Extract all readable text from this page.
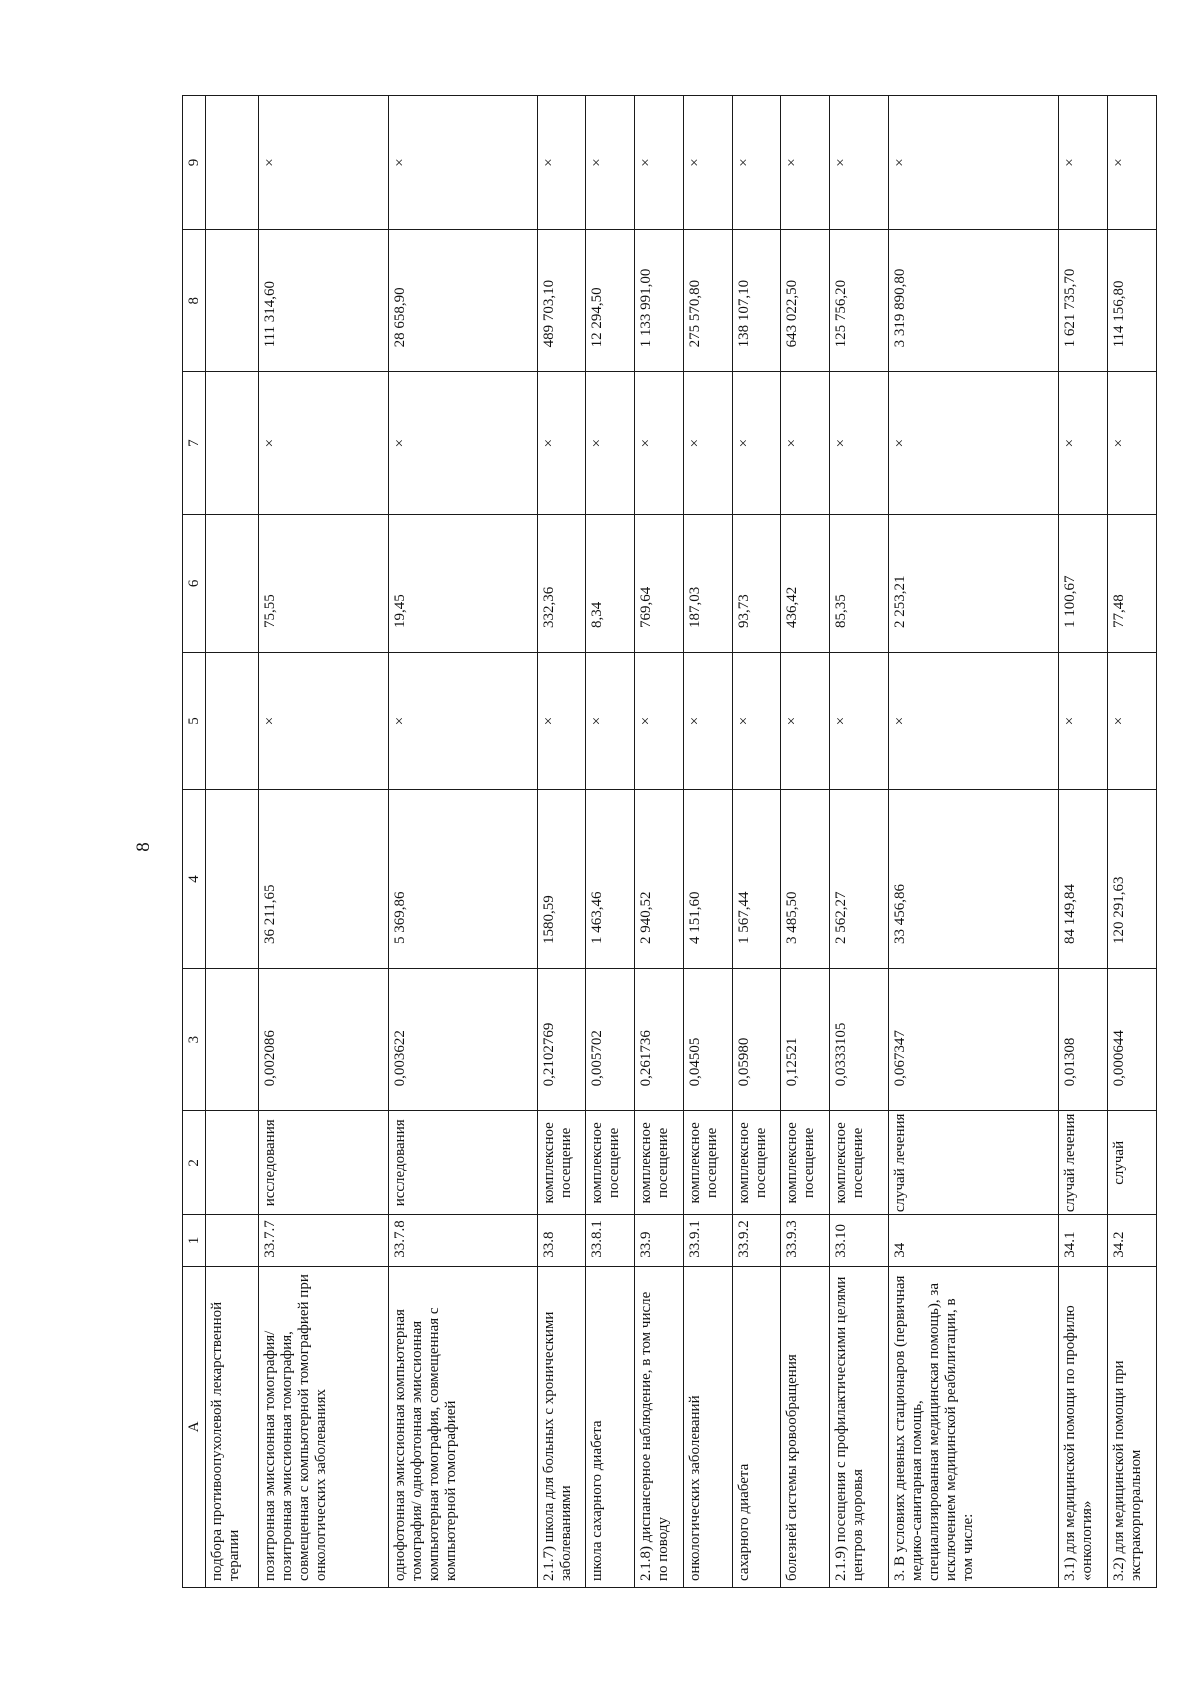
8
А	1	2	3	4	5	6	7	8	9
подбора противоопухолевой лекарственной терапии									
позитронная эмиссионная томография/позитронная эмиссионная томография, совмещенная с компьютерной томографией при онкологических заболеваниях	33.7.7	исследования	0,002086	36 211,65	×	75,55	×	111 314,60	×
однофотонная эмиссионная компьютерная томография/ однофотонная эмиссионная компьютерная томография, совмещенная с компьютерной томографией	33.7.8	исследования	0,003622	5 369,86	×	19,45	×	28 658,90	×
2.1.7) школа для больных с хроническими заболеваниями	33.8	комплексное посещение	0,2102769	1580,59	×	332,36	×	489 703,10	×
школа сахарного диабета	33.8.1	комплексное посещение	0,005702	1 463,46	×	8,34	×	12 294,50	×
2.1.8) диспансерное наблюдение, в том числе по поводу	33.9	комплексное посещение	0,261736	2 940,52	×	769,64	×	1 133 991,00	×
онкологических заболеваний	33.9.1	комплексное посещение	0,04505	4 151,60	×	187,03	×	275 570,80	×
сахарного диабета	33.9.2	комплексное посещение	0,05980	1 567,44	×	93,73	×	138 107,10	×
болезней системы кровообращения	33.9.3	комплексное посещение	0,12521	3 485,50	×	436,42	×	643 022,50	×
2.1.9) посещения с профилактическими целями центров здоровья	33.10	комплексное посещение	0,0333105	2 562,27	×	85,35	×	125 756,20	×
3. В условиях дневных стационаров (первичная медико-санитарная помощь, специализированная медицинская помощь), за исключением медицинской реабилитации, в том числе:	34	случай лечения	0,067347	33 456,86	×	2 253,21	×	3 319 890,80	×
3.1) для медицинской помощи по профилю «онкология»	34.1	случай лечения	0,01308	84 149,84	×	1 100,67	×	1 621 735,70	×
3.2) для медицинской помощи при экстракорпоральном	34.2	случай	0,000644	120 291,63	×	77,48	×	114 156,80	×
